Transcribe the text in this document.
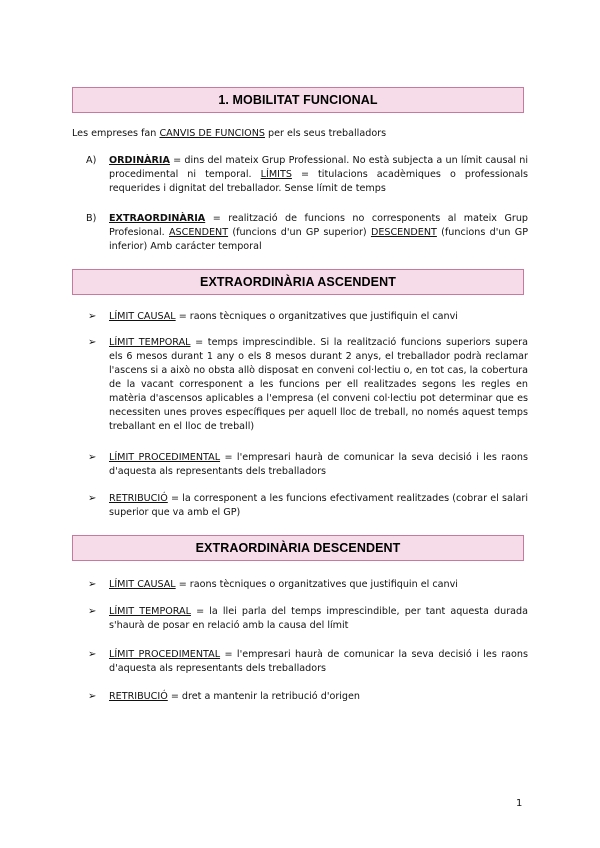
1. MOBILITAT FUNCIONAL
Les empreses fan CANVIS DE FUNCIONS per els seus treballadors
A) ORDINÀRIA = dins del mateix Grup Professional. No està subjecta a un límit causal ni procedimental ni temporal. LÍMITS = titulacions acadèmiques o professionals requerides i dignitat del treballador. Sense límit de temps
B) EXTRAORDINÀRIA = realització de funcions no corresponents al mateix Grup Profesional. ASCENDENT (funcions d'un GP superior) DESCENDENT (funcions d'un GP inferior) Amb carácter temporal
EXTRAORDINÀRIA ASCENDENT
➢ LÍMIT CAUSAL = raons tècniques o organitzatives que justifiquin el canvi
➢ LÍMIT TEMPORAL = temps imprescindible. Si la realització funcions superiors supera els 6 mesos durant 1 any o els 8 mesos durant 2 anys, el treballador podrà reclamar l'ascens si a això no obsta allò disposat en conveni col·lectiu o, en tot cas, la cobertura de la vacant corresponent a les funcions per ell realitzades segons les regles en matèria d'ascensos aplicables a l'empresa (el conveni col·lectiu pot determinar que es necessiten unes proves específiques per aquell lloc de treball, no només aquest temps treballant en el lloc de treball)
➢ LÍMIT PROCEDIMENTAL = l'empresari haurà de comunicar la seva decisió i les raons d'aquesta als representants dels treballadors
➢ RETRIBUCIÓ = la corresponent a les funcions efectivament realitzades (cobrar el salari superior que va amb el GP)
EXTRAORDINÀRIA DESCENDENT
➢ LÍMIT CAUSAL = raons tècniques o organitzatives que justifiquin el canvi
➢ LÍMIT TEMPORAL = la llei parla del temps imprescindible, per tant aquesta durada s'haurà de posar en relació amb la causa del límit
➢ LÍMIT PROCEDIMENTAL = l'empresari haurà de comunicar la seva decisió i les raons d'aquesta als representants dels treballadors
➢ RETRIBUCIÓ = dret a mantenir la retribució d'origen
1
